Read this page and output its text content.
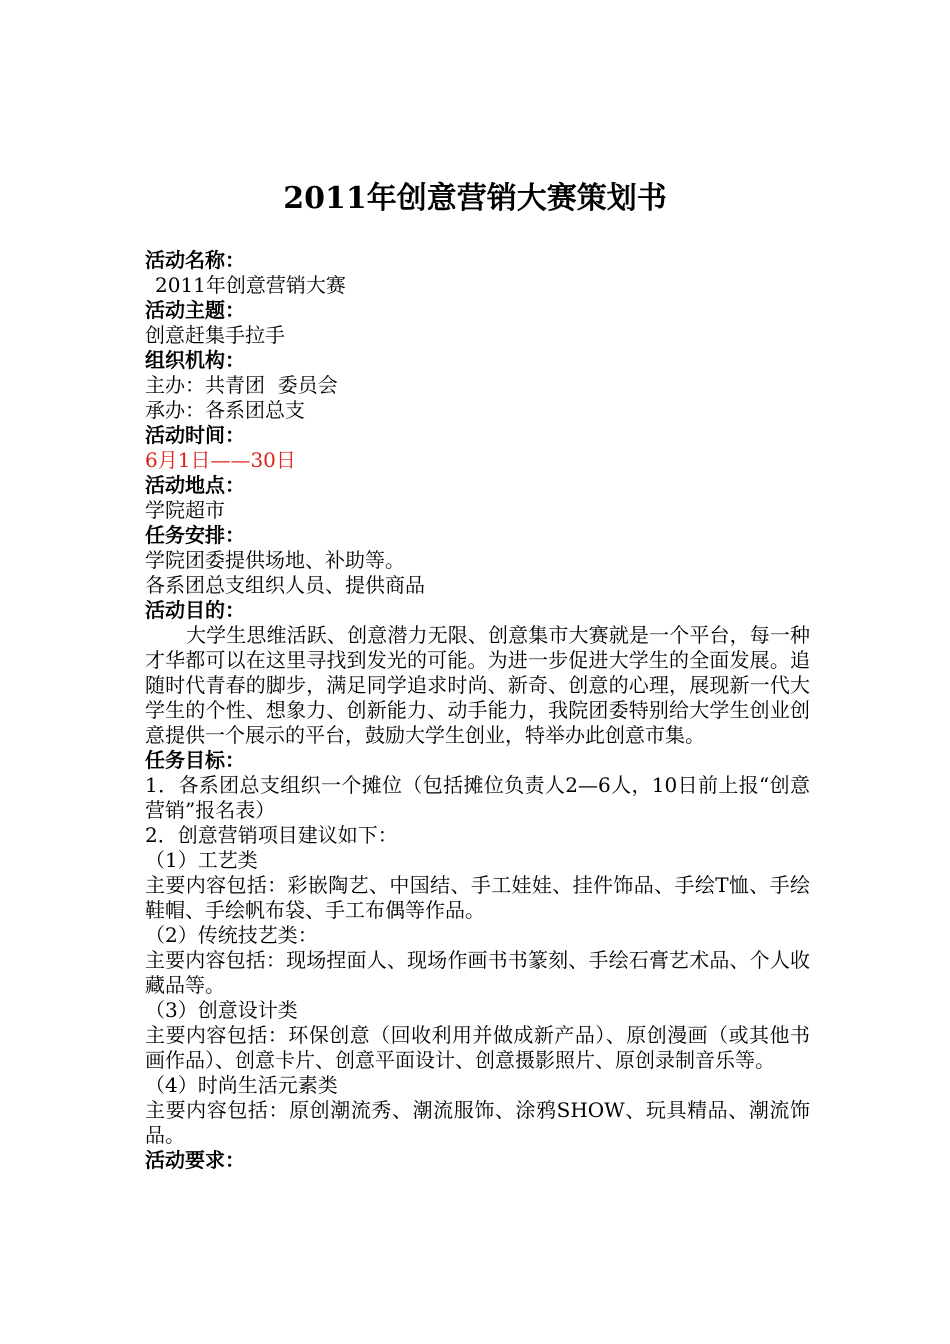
2011年创意营销大赛策划书
活动名称：
2011年创意营销大赛
活动主题：
创意赶集手拉手
组织机构：
主办：共青团  委员会
承办：各系团总支
活动时间：
6月1日——30日
活动地点：
学院超市
任务安排：
学院团委提供场地、补助等。
各系团总支组织人员、提供商品
活动目的：
大学生思维活跃、创意潜力无限、创意集市大赛就是一个平台，每一种才华都可以在这里寻找到发光的可能。为进一步促进大学生的全面发展。追随时代青春的脚步，满足同学追求时尚、新奇、创意的心理，展现新一代大学生的个性、想象力、创新能力、动手能力，我院团委特别给大学生创业创意提供一个展示的平台，鼓励大学生创业，特举办此创意市集。
任务目标：
1．各系团总支组织一个摊位（包括摊位负责人2—6人，10日前上报“创意营销”报名表）
2．创意营销项目建议如下：
（1）工艺类
主要内容包括：彩嵌陶艺、中国结、手工娃娃、挂件饰品、手绘T恤、手绘鞋帽、手绘帆布袋、手工布偶等作品。
（2）传统技艺类：
主要内容包括：现场捏面人、现场作画书书篆刻、手绘石膏艺术品、个人收藏品等。
（3）创意设计类
主要内容包括：环保创意（回收利用并做成新产品）、原创漫画（或其他书画作品）、创意卡片、创意平面设计、创意摄影照片、原创录制音乐等。
（4）时尚生活元素类
主要内容包括：原创潮流秀、潮流服饰、涂鸦SHOW、玩具精品、潮流饰品。
活动要求：
